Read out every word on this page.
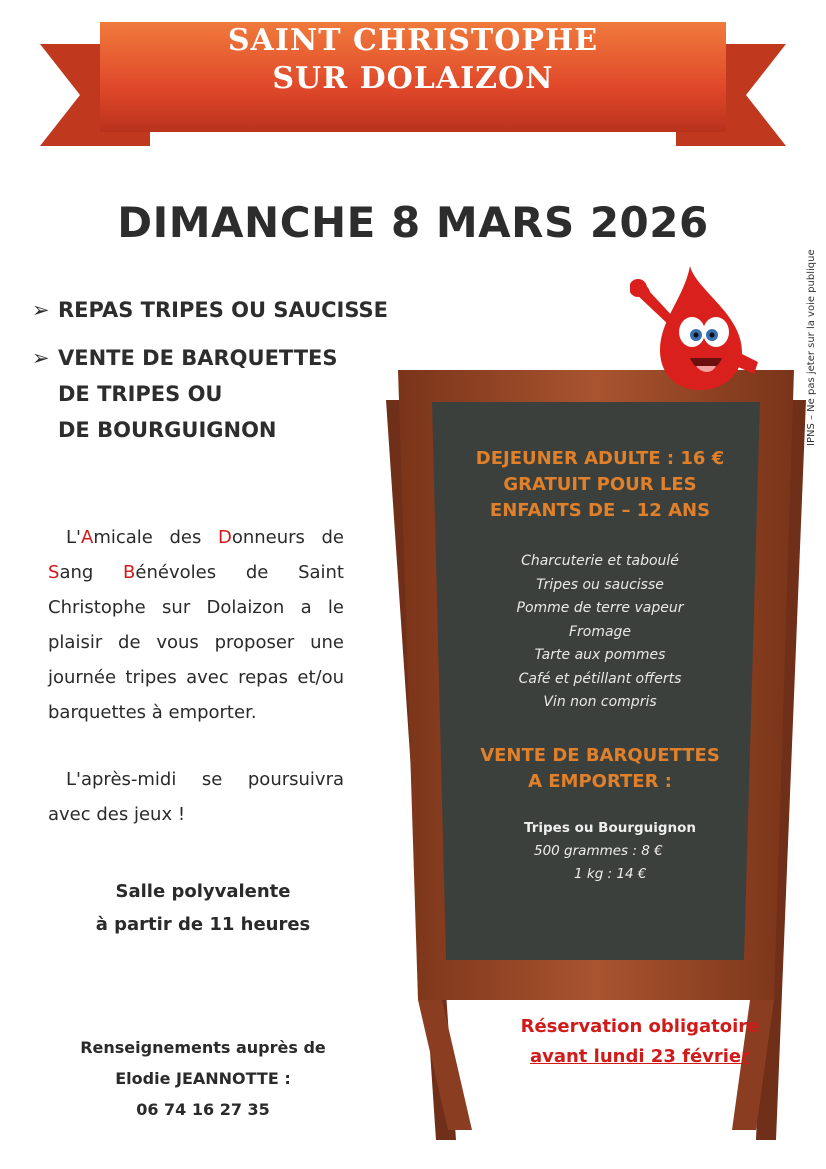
SAINT CHRISTOPHE
SUR DOLAIZON
DIMANCHE 8 MARS 2026
IPNS – Ne pas jeter sur la voie publique
➢ REPAS TRIPES OU SAUCISSE
➢ VENTE DE BARQUETTES
DE TRIPES OU
DE BOURGUIGNON

L'Amicale des Donneurs de Sang Bénévoles de Saint Christophe sur Dolaizon a le plaisir de vous proposer une journée tripes avec repas et/ou barquettes à emporter.

L'après-midi se poursuivra avec des jeux !

Salle polyvalente
à partir de 11 heures
Renseignements auprès de
Elodie JEANNOTTE :
06 74 16 27 35
DEJEUNER ADULTE : 16 €
GRATUIT POUR LES
ENFANTS DE – 12 ANS
Charcuterie et taboulé
Tripes ou saucisse
Pomme de terre vapeur
Fromage
Tarte aux pommes
Café et pétillant offerts
Vin non compris
VENTE DE BARQUETTES
A EMPORTER :
Tripes ou Bourguignon
500 grammes : 8 €
1 kg : 14 €
Réservation obligatoire
avant lundi 23 février
